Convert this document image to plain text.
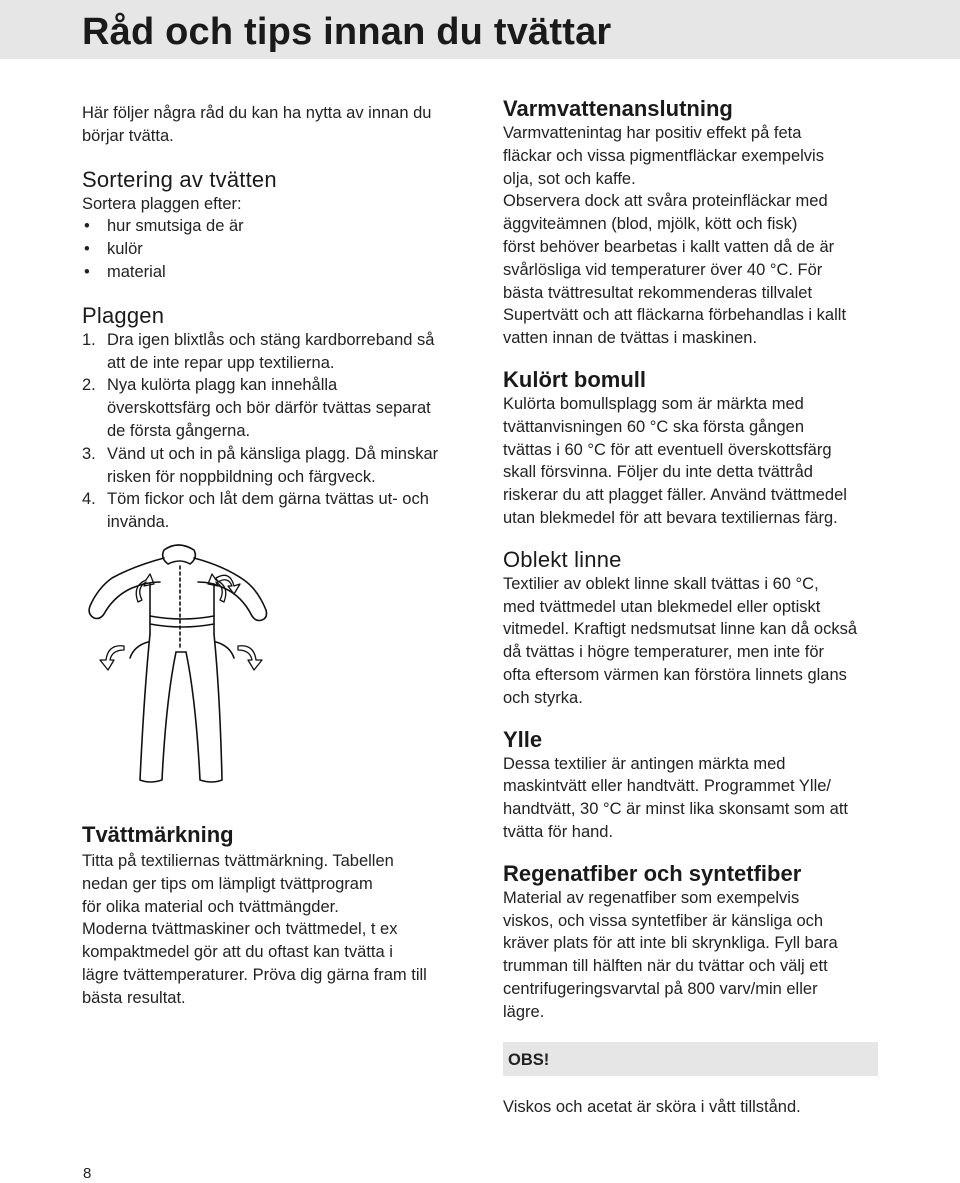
Råd och tips innan du tvättar

Här följer några råd du kan ha nytta av innan du

börjar tvätta.

Sortering av tvätten

Sortera plaggen efter:

• hur smutsiga de är
• kulör
• material
Plaggen
1. Dra igen blixtlås och stäng kardborreband så
att de inte repar upp textilierna.
2. Nya kulörta plagg kan innehålla
överskottsfärg och bör därför tvättas separat
de första gångerna.
3. Vänd ut och in på känsliga plagg. Då minskar
risken för noppbildning och färgveck.
4. Töm fickor och låt dem gärna tvättas ut- och
invända.
Tvättmärkning

Titta på textiliernas tvättmärkning. Tabellen

nedan ger tips om lämpligt tvättprogram

för olika material och tvättmängder.

Moderna tvättmaskiner och tvättmedel, t ex

kompaktmedel gör att du oftast kan tvätta i

lägre tvättemperaturer. Pröva dig gärna fram till

bästa resultat.

Varmvattenanslutning

Varmvattenintag har positiv effekt på feta

fläckar och vissa pigmentfläckar exempelvis

olja, sot och kaffe.

Observera dock att svåra proteinfläckar med

äggviteämnen (blod, mjölk, kött och fisk)

först behöver bearbetas i kallt vatten då de är

svårlösliga vid temperaturer över 40 °C. För

bästa tvättresultat rekommenderas tillvalet

Supertvätt och att fläckarna förbehandlas i kallt

vatten innan de tvättas i maskinen.

Kulört bomull

Kulörta bomullsplagg som är märkta med

tvättanvisningen 60 °C ska första gången

tvättas i 60 °C för att eventuell överskottsfärg

skall försvinna. Följer du inte detta tvättråd

riskerar du att plagget fäller. Använd tvättmedel

utan blekmedel för att bevara textiliernas färg.

Oblekt linne

Textilier av oblekt linne skall tvättas i 60 °C,

med tvättmedel utan blekmedel eller optiskt

vitmedel. Kraftigt nedsmutsat linne kan då också

då tvättas i högre temperaturer, men inte för

ofta eftersom värmen kan förstöra linnets glans

och styrka.

Ylle

Dessa textilier är antingen märkta med

maskintvätt eller handtvätt. Programmet Ylle/

handtvätt, 30 °C är minst lika skonsamt som att

tvätta för hand.

Regenatfiber och syntetfiber

Material av regenatfiber som exempelvis

viskos, och vissa syntetfiber är känsliga och

kräver plats för att inte bli skrynkliga. Fyll bara

trumman till hälften när du tvättar och välj ett

centrifugeringsvarvtal på 800 varv/min eller

lägre.

OBS!

Viskos och acetat är sköra i vått tillstånd.

8
